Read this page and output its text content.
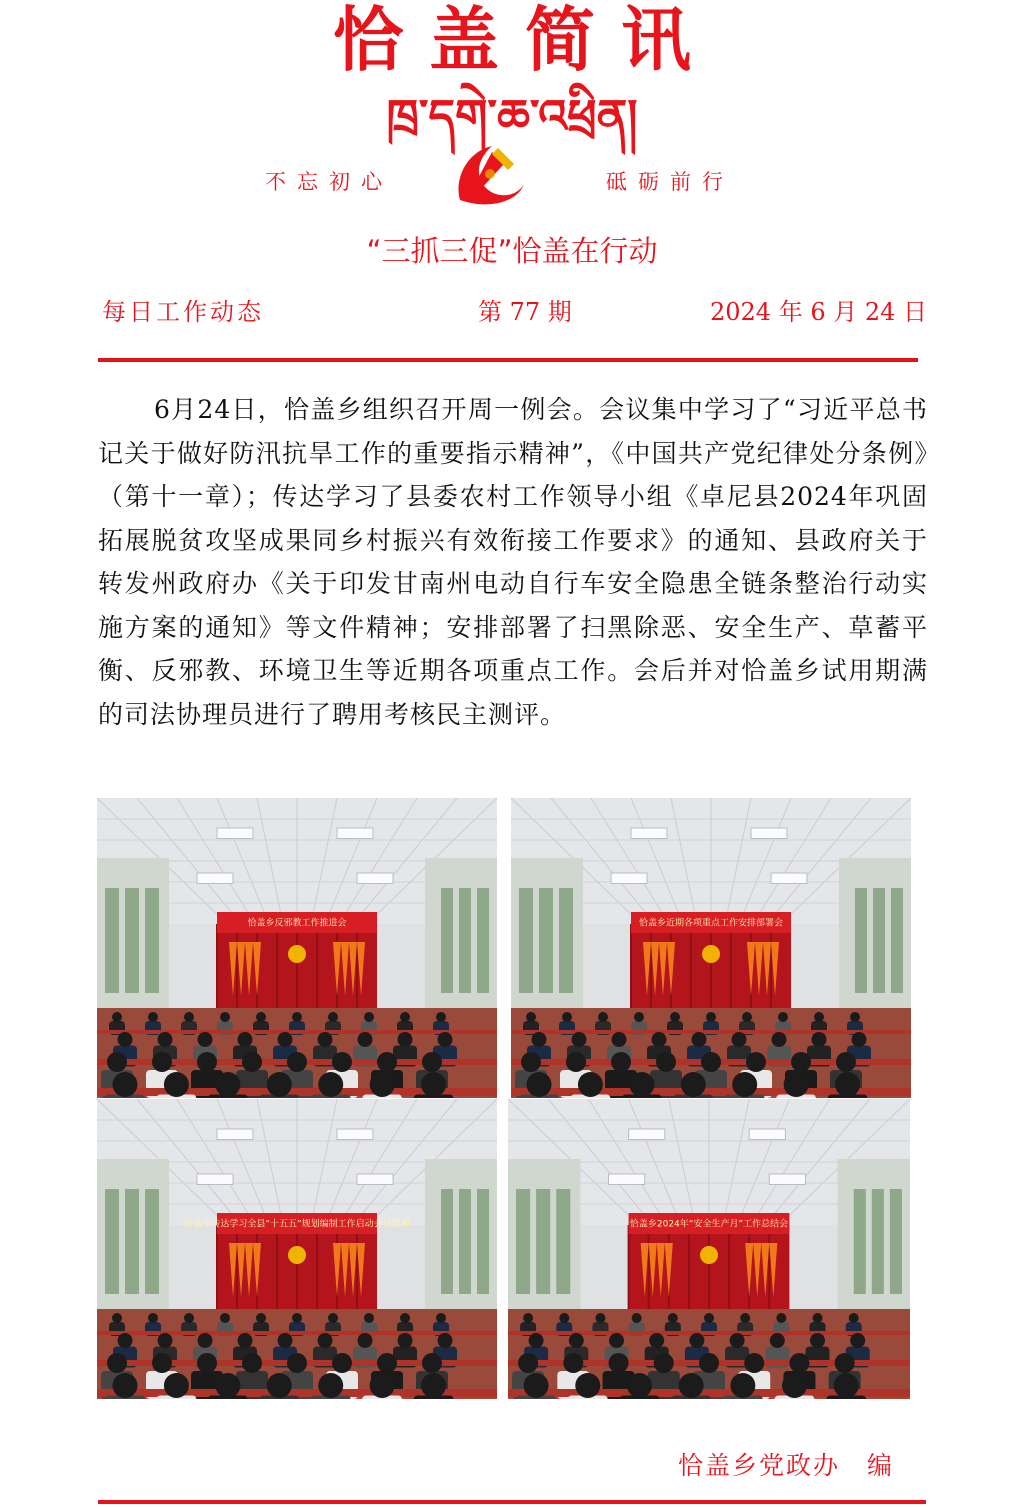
恰盖简讯
ཁྲ་དགེ་ཆ་འཕྲིན།
不忘初心	砥砺前行
“三抓三促”恰盖在行动
每日工作动态	第 77 期	2024 年 6 月 24 日

6月24日，恰盖乡组织召开周一例会。会议集中学习了“习近平总书记关于做好防汛抗旱工作的重要指示精神”，《中国共产党纪律处分条例》（第十一章）；传达学习了县委农村工作领导小组《卓尼县2024年巩固拓展脱贫攻坚成果同乡村振兴有效衔接工作要求》的通知、县政府关于转发州政府办《关于印发甘南州电动自行车安全隐患全链条整治行动实施方案的通知》等文件精神；安排部署了扫黑除恶、安全生产、草蓄平衡、反邪教、环境卫生等近期各项重点工作。会后并对恰盖乡试用期满的司法协理员进行了聘用考核民主测评。

恰盖乡反邪教工作推进会	恰盖乡近期各项重点工作安排部署会
恰盖乡传达学习全县“十五五”规划编制工作启动会议精神	恰盖乡2024年“安全生产月”工作总结会
恰盖乡党政办　编
